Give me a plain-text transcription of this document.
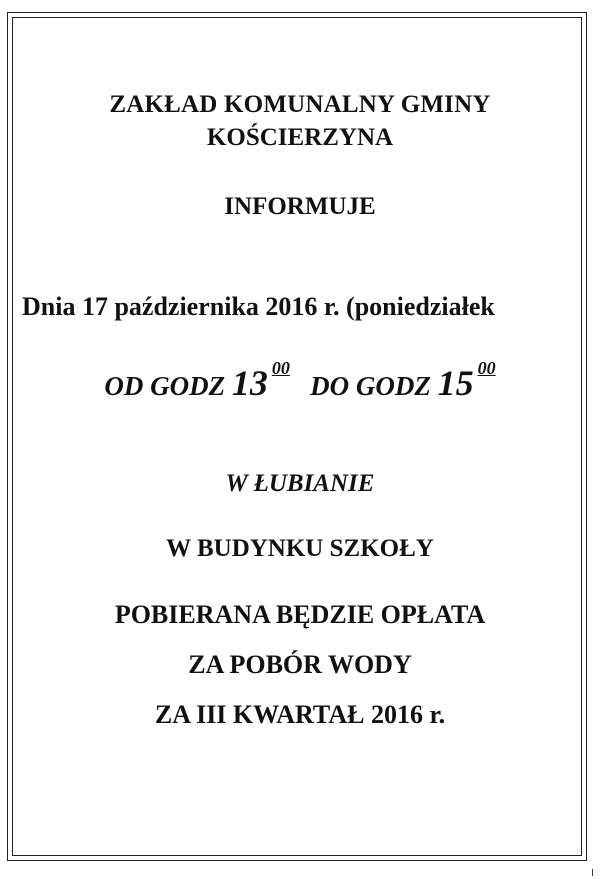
ZAKŁAD KOMUNALNY GMINY
KOŚCIERZYNA
INFORMUJE
Dnia 17 października 2016 r. (poniedziałek
OD GODZ 13 $^{00}$   DO GODZ 15 $^{00}$
W ŁUBIANIE
W BUDYNKU SZKOŁY
POBIERANA BĘDZIE OPŁATA
ZA POBÓR WODY
ZA III KWARTAŁ 2016 r.
I
